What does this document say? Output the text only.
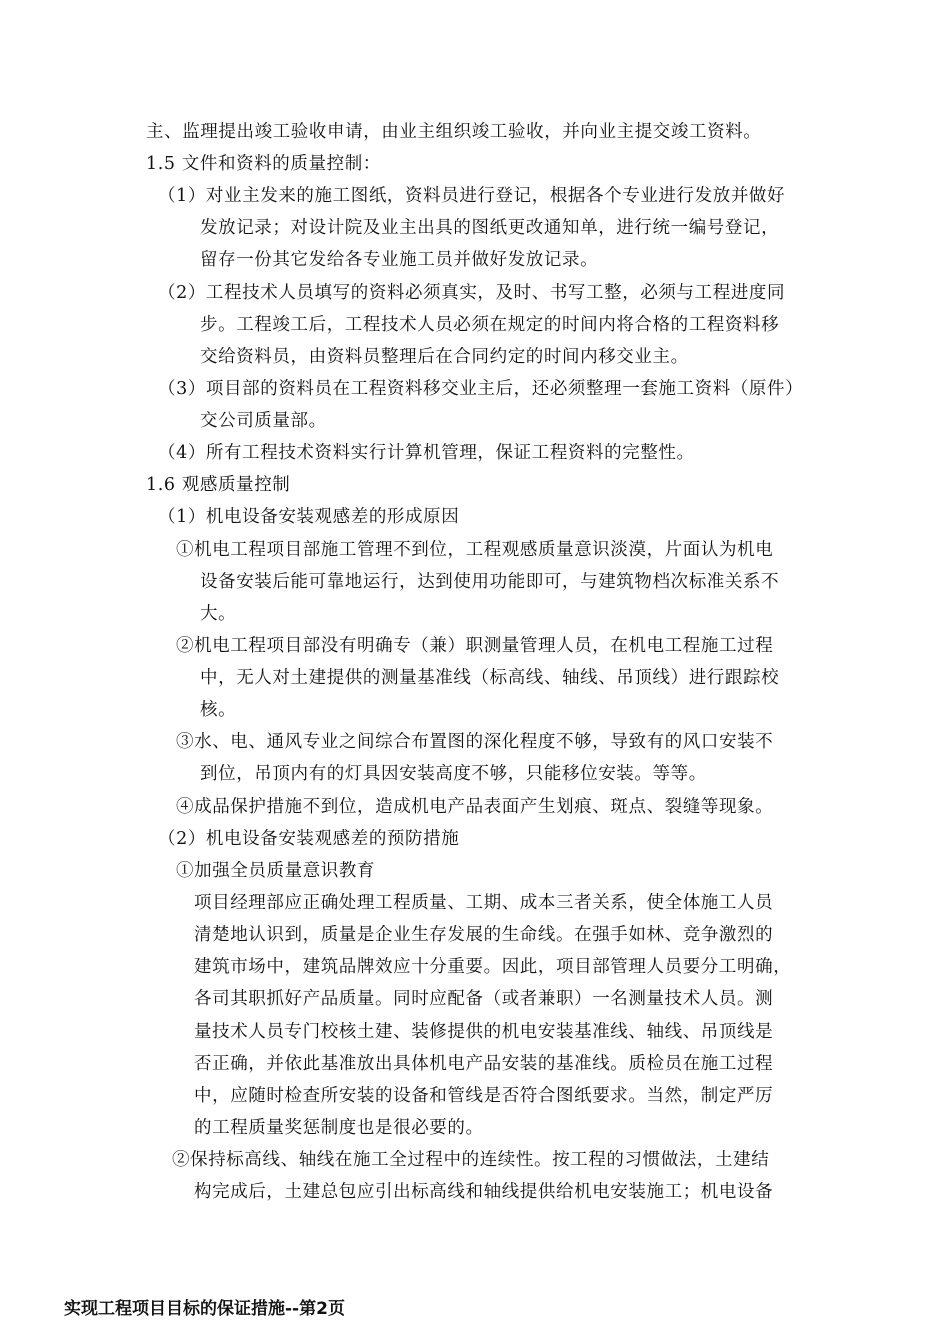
主、监理提出竣工验收申请，由业主组织竣工验收，并向业主提交竣工资料。
1.5 文件和资料的质量控制：
（1）对业主发来的施工图纸，资料员进行登记，根据各个专业进行发放并做好
发放记录；对设计院及业主出具的图纸更改通知单，进行统一编号登记，
留存一份其它发给各专业施工员并做好发放记录。
（2）工程技术人员填写的资料必须真实，及时、书写工整，必须与工程进度同
步。工程竣工后，工程技术人员必须在规定的时间内将合格的工程资料移
交给资料员，由资料员整理后在合同约定的时间内移交业主。
（3）项目部的资料员在工程资料移交业主后，还必须整理一套施工资料（原件）
交公司质量部。
（4）所有工程技术资料实行计算机管理，保证工程资料的完整性。
1.6 观感质量控制
（1）机电设备安装观感差的形成原因
①机电工程项目部施工管理不到位，工程观感质量意识淡漠，片面认为机电
设备安装后能可靠地运行，达到使用功能即可，与建筑物档次标准关系不
大。
②机电工程项目部没有明确专（兼）职测量管理人员，在机电工程施工过程
中，无人对土建提供的测量基准线（标高线、轴线、吊顶线）进行跟踪校
核。
③水、电、通风专业之间综合布置图的深化程度不够，导致有的风口安装不
到位，吊顶内有的灯具因安装高度不够，只能移位安装。等等。
④成品保护措施不到位，造成机电产品表面产生划痕、斑点、裂缝等现象。
（2）机电设备安装观感差的预防措施
①加强全员质量意识教育
项目经理部应正确处理工程质量、工期、成本三者关系，使全体施工人员
清楚地认识到，质量是企业生存发展的生命线。在强手如林、竞争激烈的
建筑市场中，建筑品牌效应十分重要。因此，项目部管理人员要分工明确，
各司其职抓好产品质量。同时应配备（或者兼职）一名测量技术人员。测
量技术人员专门校核土建、装修提供的机电安装基准线、轴线、吊顶线是
否正确，并依此基准放出具体机电产品安装的基准线。质检员在施工过程
中，应随时检查所安装的设备和管线是否符合图纸要求。当然，制定严厉
的工程质量奖惩制度也是很必要的。
②保持标高线、轴线在施工全过程中的连续性。按工程的习惯做法，土建结
构完成后，土建总包应引出标高线和轴线提供给机电安装施工；机电设备
实现工程项目目标的保证措施--第2页
